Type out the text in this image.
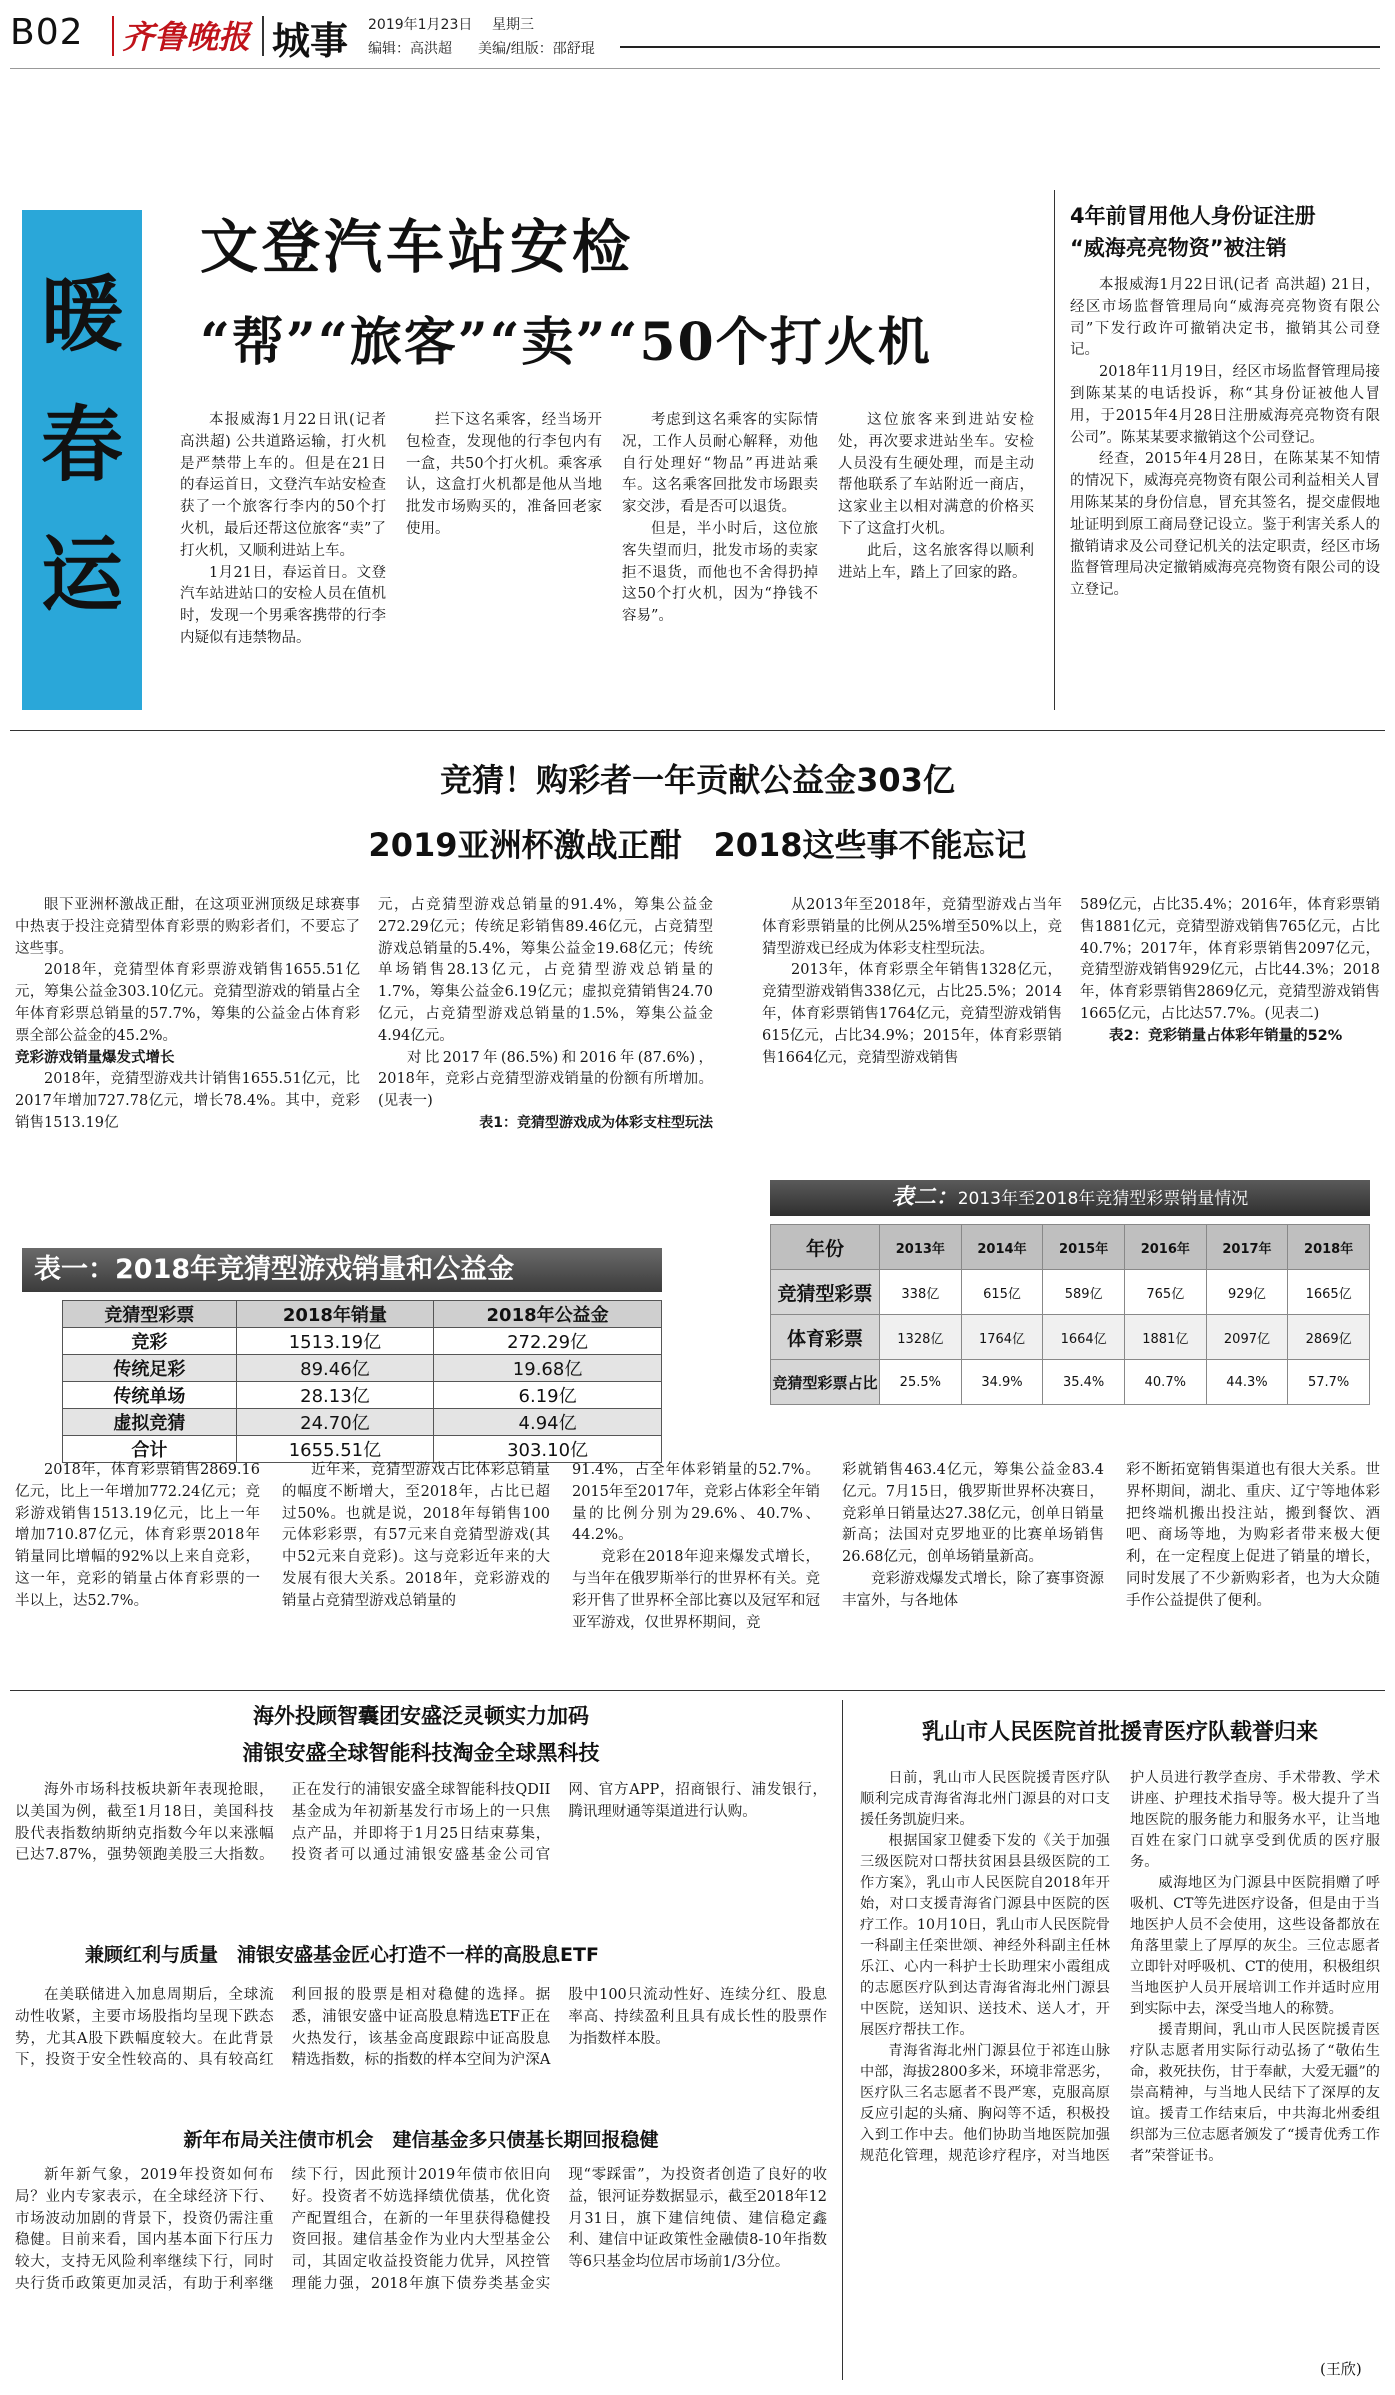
B02 齐鲁晚报 城事 2019年1月23日 星期三
编辑：高洪超 美编/组版：邵舒琨
暖
春
运
文登汽车站安检
“帮”“旅客”“卖”“50个打火机

本报威海1月22日讯(记者 高洪超) 公共道路运输，打火机是严禁带上车的。但是在21日的春运首日，文登汽车站安检查获了一个旅客行李内的50个打火机，最后还帮这位旅客“卖”了打火机，又顺利进站上车。

1月21日，春运首日。文登汽车站进站口的安检人员在值机时，发现一个男乘客携带的行李内疑似有违禁物品。

拦下这名乘客，经当场开包检查，发现他的行李包内有一盒，共50个打火机。乘客承认，这盒打火机都是他从当地批发市场购买的，准备回老家使用。

考虑到这名乘客的实际情况，工作人员耐心解释，劝他自行处理好“物品”再进站乘车。这名乘客回批发市场跟卖家交涉，看是否可以退货。

但是，半小时后，这位旅客失望而归，批发市场的卖家拒不退货，而他也不舍得扔掉这50个打火机，因为“挣钱不容易”。

这位旅客来到进站安检处，再次要求进站坐车。安检人员没有生硬处理，而是主动帮他联系了车站附近一商店，这家业主以相对满意的价格买下了这盒打火机。

此后，这名旅客得以顺利进站上车，踏上了回家的路。

4年前冒用他人身份证注册
“威海亮亮物资”被注销

本报威海1月22日讯(记者 高洪超) 21日，经区市场监督管理局向“威海亮亮物资有限公司”下发行政许可撤销决定书，撤销其公司登记。

2018年11月19日，经区市场监督管理局接到陈某某的电话投诉，称“其身份证被他人冒用，于2015年4月28日注册威海亮亮物资有限公司”。陈某某要求撤销这个公司登记。

经查，2015年4月28日，在陈某某不知情的情况下，威海亮亮物资有限公司利益相关人冒用陈某某的身份信息，冒充其签名，提交虚假地址证明到原工商局登记设立。鉴于利害关系人的撤销请求及公司登记机关的法定职责，经区市场监督管理局决定撤销威海亮亮物资有限公司的设立登记。

竞猜！购彩者一年贡献公益金303亿
2019亚洲杯激战正酣　2018这些事不能忘记

眼下亚洲杯激战正酣，在这项亚洲顶级足球赛事中热衷于投注竞猜型体育彩票的购彩者们，不要忘了这些事。

2018年，竞猜型体育彩票游戏销售1655.51亿元，筹集公益金303.10亿元。竞猜型游戏的销量占全年体育彩票总销量的57.7%，筹集的公益金占体育彩票全部公益金的45.2%。

竞彩游戏销量爆发式增长

2018年，竞猜型游戏共计销售1655.51亿元，比2017年增加727.78亿元，增长78.4%。其中，竞彩销售1513.19亿

元，占竞猜型游戏总销量的91.4%，筹集公益金272.29亿元；传统足彩销售89.46亿元，占竞猜型游戏总销量的5.4%，筹集公益金19.68亿元；传统单场销售28.13亿元，占竞猜型游戏总销量的1.7%，筹集公益金6.19亿元；虚拟竞猜销售24.70亿元，占竞猜型游戏总销量的1.5%，筹集公益金4.94亿元。

对比2017年(86.5%)和2016年(87.6%)，2018年，竞彩占竞猜型游戏销量的份额有所增加。(见表一)

表1：竞猜型游戏成为体彩支柱型玩法

从2013年至2018年，竞猜型游戏占当年体育彩票销量的比例从25%增至50%以上，竞猜型游戏已经成为体彩支柱型玩法。

2013年，体育彩票全年销售1328亿元，竞猜型游戏销售338亿元，占比25.5%；2014年，体育彩票销售1764亿元，竞猜型游戏销售615亿元，占比34.9%；2015年，体育彩票销售1664亿元，竞猜型游戏销售

589亿元，占比35.4%；2016年，体育彩票销售1881亿元，竞猜型游戏销售765亿元，占比40.7%；2017年，体育彩票销售2097亿元，竞猜型游戏销售929亿元，占比44.3%；2018年，体育彩票销售2869亿元，竞猜型游戏销售1665亿元，占比达57.7%。(见表二)

表2：竞彩销量占体彩年销量的52%

表一：2018年竞猜型游戏销量和公益金
竞猜型彩票	2018年销量	2018年公益金
竞彩	1513.19亿	272.29亿
传统足彩	89.46亿	19.68亿
传统单场	28.13亿	6.19亿
虚拟竞猜	24.70亿	4.94亿
合计	1655.51亿	303.10亿
表二：2013年至2018年竞猜型彩票销量情况
年份	2013年	2014年	2015年	2016年	2017年	2018年
竞猜型彩票	338亿	615亿	589亿	765亿	929亿	1665亿
体育彩票	1328亿	1764亿	1664亿	1881亿	2097亿	2869亿
竞猜型彩票占比	25.5%	34.9%	35.4%	40.7%	44.3%	57.7%

2018年，体育彩票销售2869.16亿元，比上一年增加772.24亿元；竞彩游戏销售1513.19亿元，比上一年增加710.87亿元，体育彩票2018年销量同比增幅的92%以上来自竞彩，这一年，竞彩的销量占体育彩票的一半以上，达52.7%。

近年来，竞猜型游戏占比体彩总销量的幅度不断增大，至2018年，占比已超过50%。也就是说，2018年每销售100元体彩彩票，有57元来自竞猜型游戏(其中52元来自竞彩)。这与竞彩近年来的大发展有很大关系。2018年，竞彩游戏的销量占竞猜型游戏总销量的

91.4%，占全年体彩销量的52.7%。2015年至2017年，竞彩占体彩全年销量的比例分别为29.6%、40.7%、44.2%。

竞彩在2018年迎来爆发式增长，与当年在俄罗斯举行的世界杯有关。竞彩开售了世界杯全部比赛以及冠军和冠亚军游戏，仅世界杯期间，竞

彩就销售463.4亿元，筹集公益金83.4亿元。7月15日，俄罗斯世界杯决赛日，竞彩单日销量达27.38亿元，创单日销量新高；法国对克罗地亚的比赛单场销售26.68亿元，创单场销量新高。

竞彩游戏爆发式增长，除了赛事资源丰富外，与各地体

彩不断拓宽销售渠道也有很大关系。世界杯期间，湖北、重庆、辽宁等地体彩把终端机搬出投注站，搬到餐饮、酒吧、商场等地，为购彩者带来极大便利，在一定程度上促进了销量的增长，同时发展了不少新购彩者，也为大众随手作公益提供了便利。

海外投顾智囊团安盛泛灵顿实力加码
浦银安盛全球智能科技淘金全球黑科技

海外市场科技板块新年表现抢眼，以美国为例，截至1月18日，美国科技股代表指数纳斯纳克指数今年以来涨幅已达7.87%，强势领跑美股三大指数。正在发行的浦银安盛全球智能科技QDII基金成为年初新基发行市场上的一只焦点产品，并即将于1月25日结束募集，投资者可以通过浦银安盛基金公司官网、官方APP，招商银行、浦发银行，腾讯理财通等渠道进行认购。

兼顾红利与质量　浦银安盛基金匠心打造不一样的高股息ETF

在美联储进入加息周期后，全球流动性收紧，主要市场股指均呈现下跌态势，尤其A股下跌幅度较大。在此背景下，投资于安全性较高的、具有较高红利回报的股票是相对稳健的选择。据悉，浦银安盛中证高股息精选ETF正在火热发行，该基金高度跟踪中证高股息精选指数，标的指数的样本空间为沪深A股中100只流动性好、连续分红、股息率高、持续盈利且具有成长性的股票作为指数样本股。

新年布局关注债市机会　建信基金多只债基长期回报稳健

新年新气象，2019年投资如何布局？业内专家表示，在全球经济下行、市场波动加剧的背景下，投资仍需注重稳健。目前来看，国内基本面下行压力较大，支持无风险利率继续下行，同时央行货币政策更加灵活，有助于利率继续下行，因此预计2019年债市依旧向好。投资者不妨选择绩优债基，优化资产配置组合，在新的一年里获得稳健投资回报。建信基金作为业内大型基金公司，其固定收益投资能力优异，风控管理能力强，2018年旗下债券类基金实现“零踩雷”，为投资者创造了良好的收益，银河证券数据显示，截至2018年12月31日，旗下建信纯债、建信稳定鑫利、建信中证政策性金融债8-10年指数等6只基金均位居市场前1/3分位。

乳山市人民医院首批援青医疗队载誉归来

日前，乳山市人民医院援青医疗队顺利完成青海省海北州门源县的对口支援任务凯旋归来。

根据国家卫健委下发的《关于加强三级医院对口帮扶贫困县县级医院的工作方案》，乳山市人民医院自2018年开始，对口支援青海省门源县中医院的医疗工作。10月10日，乳山市人民医院骨一科副主任栾世颂、神经外科副主任林乐江、心内一科护士长助理宋小霞组成的志愿医疗队到达青海省海北州门源县中医院，送知识、送技术、送人才，开展医疗帮扶工作。

青海省海北州门源县位于祁连山脉中部，海拔2800多米，环境非常恶劣，医疗队三名志愿者不畏严寒，克服高原反应引起的头痛、胸闷等不适，积极投入到工作中去。他们协助当地医院加强规范化管理，规范诊疗程序，对当地医护人员进行教学查房、手术带教、学术讲座、护理技术指导等。极大提升了当地医院的服务能力和服务水平，让当地百姓在家门口就享受到优质的医疗服务。

威海地区为门源县中医院捐赠了呼吸机、CT等先进医疗设备，但是由于当地医护人员不会使用，这些设备都放在角落里蒙上了厚厚的灰尘。三位志愿者立即针对呼吸机、CT的使用，积极组织当地医护人员开展培训工作并适时应用到实际中去，深受当地人的称赞。

援青期间，乳山市人民医院援青医疗队志愿者用实际行动弘扬了“敬佑生命，救死扶伤，甘于奉献，大爱无疆”的崇高精神，与当地人民结下了深厚的友谊。援青工作结束后，中共海北州委组织部为三位志愿者颁发了“援青优秀工作者”荣誉证书。

(王欣)
